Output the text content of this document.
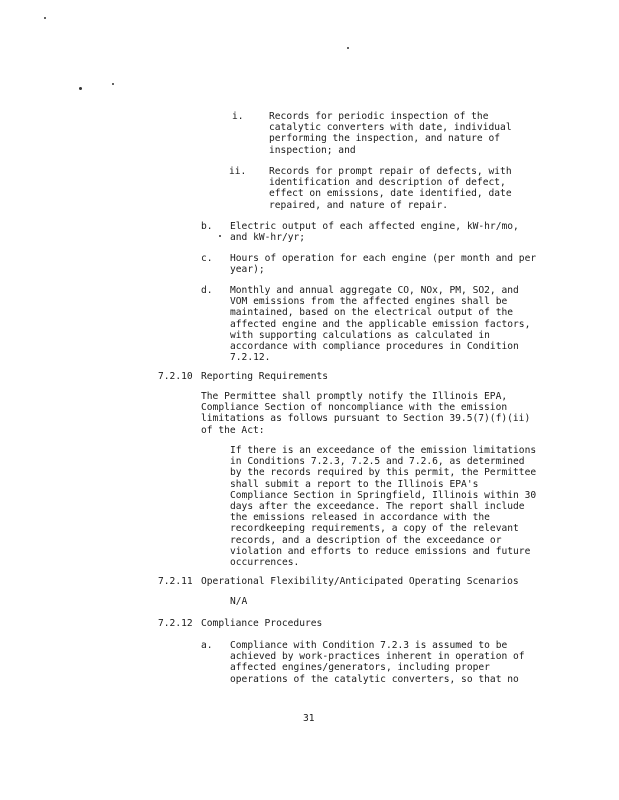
i.	Records for periodic inspection of the
catalytic converters with date, individual
performing the inspection, and nature of
inspection; and
ii. Records for prompt repair of defects, with
identification and description of defect,
effect on emissions, date identified, date
repaired, and nature of repair.
b. Electric output of each affected engine, kW-hr/mo,
and kW-hr/yr;
c. Hours of operation for each engine (per month and per
year);
d. Monthly and annual aggregate CO, NOx, PM, SO2, and
VOM emissions from the affected engines shall be
maintained, based on the electrical output of the
affected engine and the applicable emission factors,
with supporting calculations as calculated in
accordance with compliance procedures in Condition
7.2.12.
7.2.10 Reporting Requirements
The Permittee shall promptly notify the Illinois EPA,
Compliance Section of noncompliance with the emission
limitations as follows pursuant to Section 39.5(7)(f)(ii)
of the Act:
If there is an exceedance of the emission limitations
in Conditions 7.2.3, 7.2.5 and 7.2.6, as determined
by the records required by this permit, the Permittee
shall submit a report to the Illinois EPA's
Compliance Section in Springfield, Illinois within 30
days after the exceedance. The report shall include
the emissions released in accordance with the
recordkeeping requirements, a copy of the relevant
records, and a description of the exceedance or
violation and efforts to reduce emissions and future
occurrences.
7.2.11 Operational Flexibility/Anticipated Operating Scenarios
N/A
7.2.12 Compliance Procedures
a. Compliance with Condition 7.2.3 is assumed to be
achieved by work-practices inherent in operation of
affected engines/generators, including proper
operations of the catalytic converters, so that no
31
